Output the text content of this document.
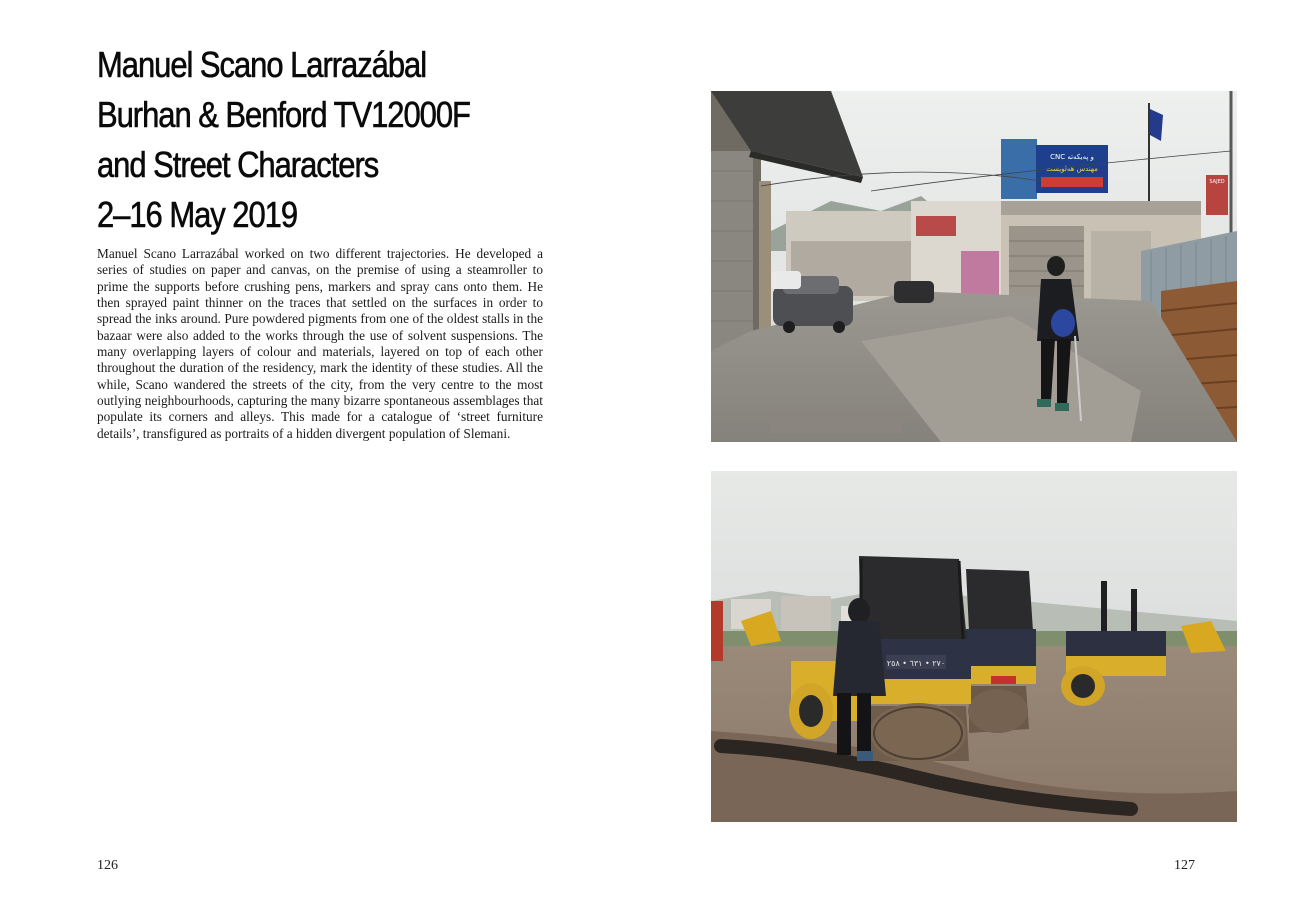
Manuel Scano Larrazábal
Burhan & Benford TV12000F
and Street Characters
2–16 May 2019

Manuel Scano Larrazábal worked on two different trajectories. He developed a series of studies on paper and canvas, on the premise of using a steamroller to prime the supports before crushing pens, markers and spray cans onto them. He then sprayed paint thinner on the traces that settled on the surfaces in order to spread the inks around. Pure powdered pigments from one of the oldest stalls in the bazaar were also added to the works through the use of solvent suspensions. The many overlapping layers of colour and materials, layered on top of each other throughout the duration of the residency, mark the identity of these studies. All the while, Scano wandered the streets of the city, from the very centre to the most outlying neighbourhoods, capturing the many bizarre spontaneous assemblages that populate its corners and alleys. This made for a catalogue of ‘street furniture details’, transfigured as portraits of a hidden divergent population of Slemani.

126	127
CNC و پەیکەتە
مهندس هەلویست
SAJED
٢٧٠ • ٦٣١ • ٢٥٨
